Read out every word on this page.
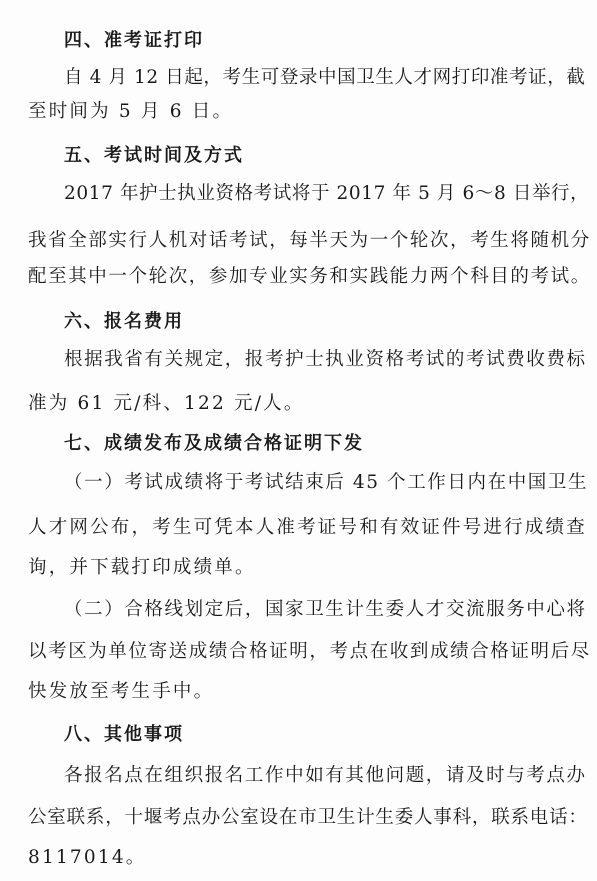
四、准考证打印
自 4 月 12 日起，考生可登录中国卫生人才网打印准考证，截
至时间为 5 月 6 日。
五、考试时间及方式
2017 年护士执业资格考试将于 2017 年 5 月 6～8 日举行，
我省全部实行人机对话考试，每半天为一个轮次，考生将随机分
配至其中一个轮次，参加专业实务和实践能力两个科目的考试。
六、报名费用
根据我省有关规定，报考护士执业资格考试的考试费收费标
准为 61 元/科、122 元/人。
七、成绩发布及成绩合格证明下发
（一）考试成绩将于考试结束后 45 个工作日内在中国卫生
人才网公布，考生可凭本人准考证号和有效证件号进行成绩查
询，并下载打印成绩单。
（二）合格线划定后，国家卫生计生委人才交流服务中心将
以考区为单位寄送成绩合格证明，考点在收到成绩合格证明后尽
快发放至考生手中。
八、其他事项
各报名点在组织报名工作中如有其他问题，请及时与考点办
公室联系，十堰考点办公室设在市卫生计生委人事科，联系电话：
8117014。
